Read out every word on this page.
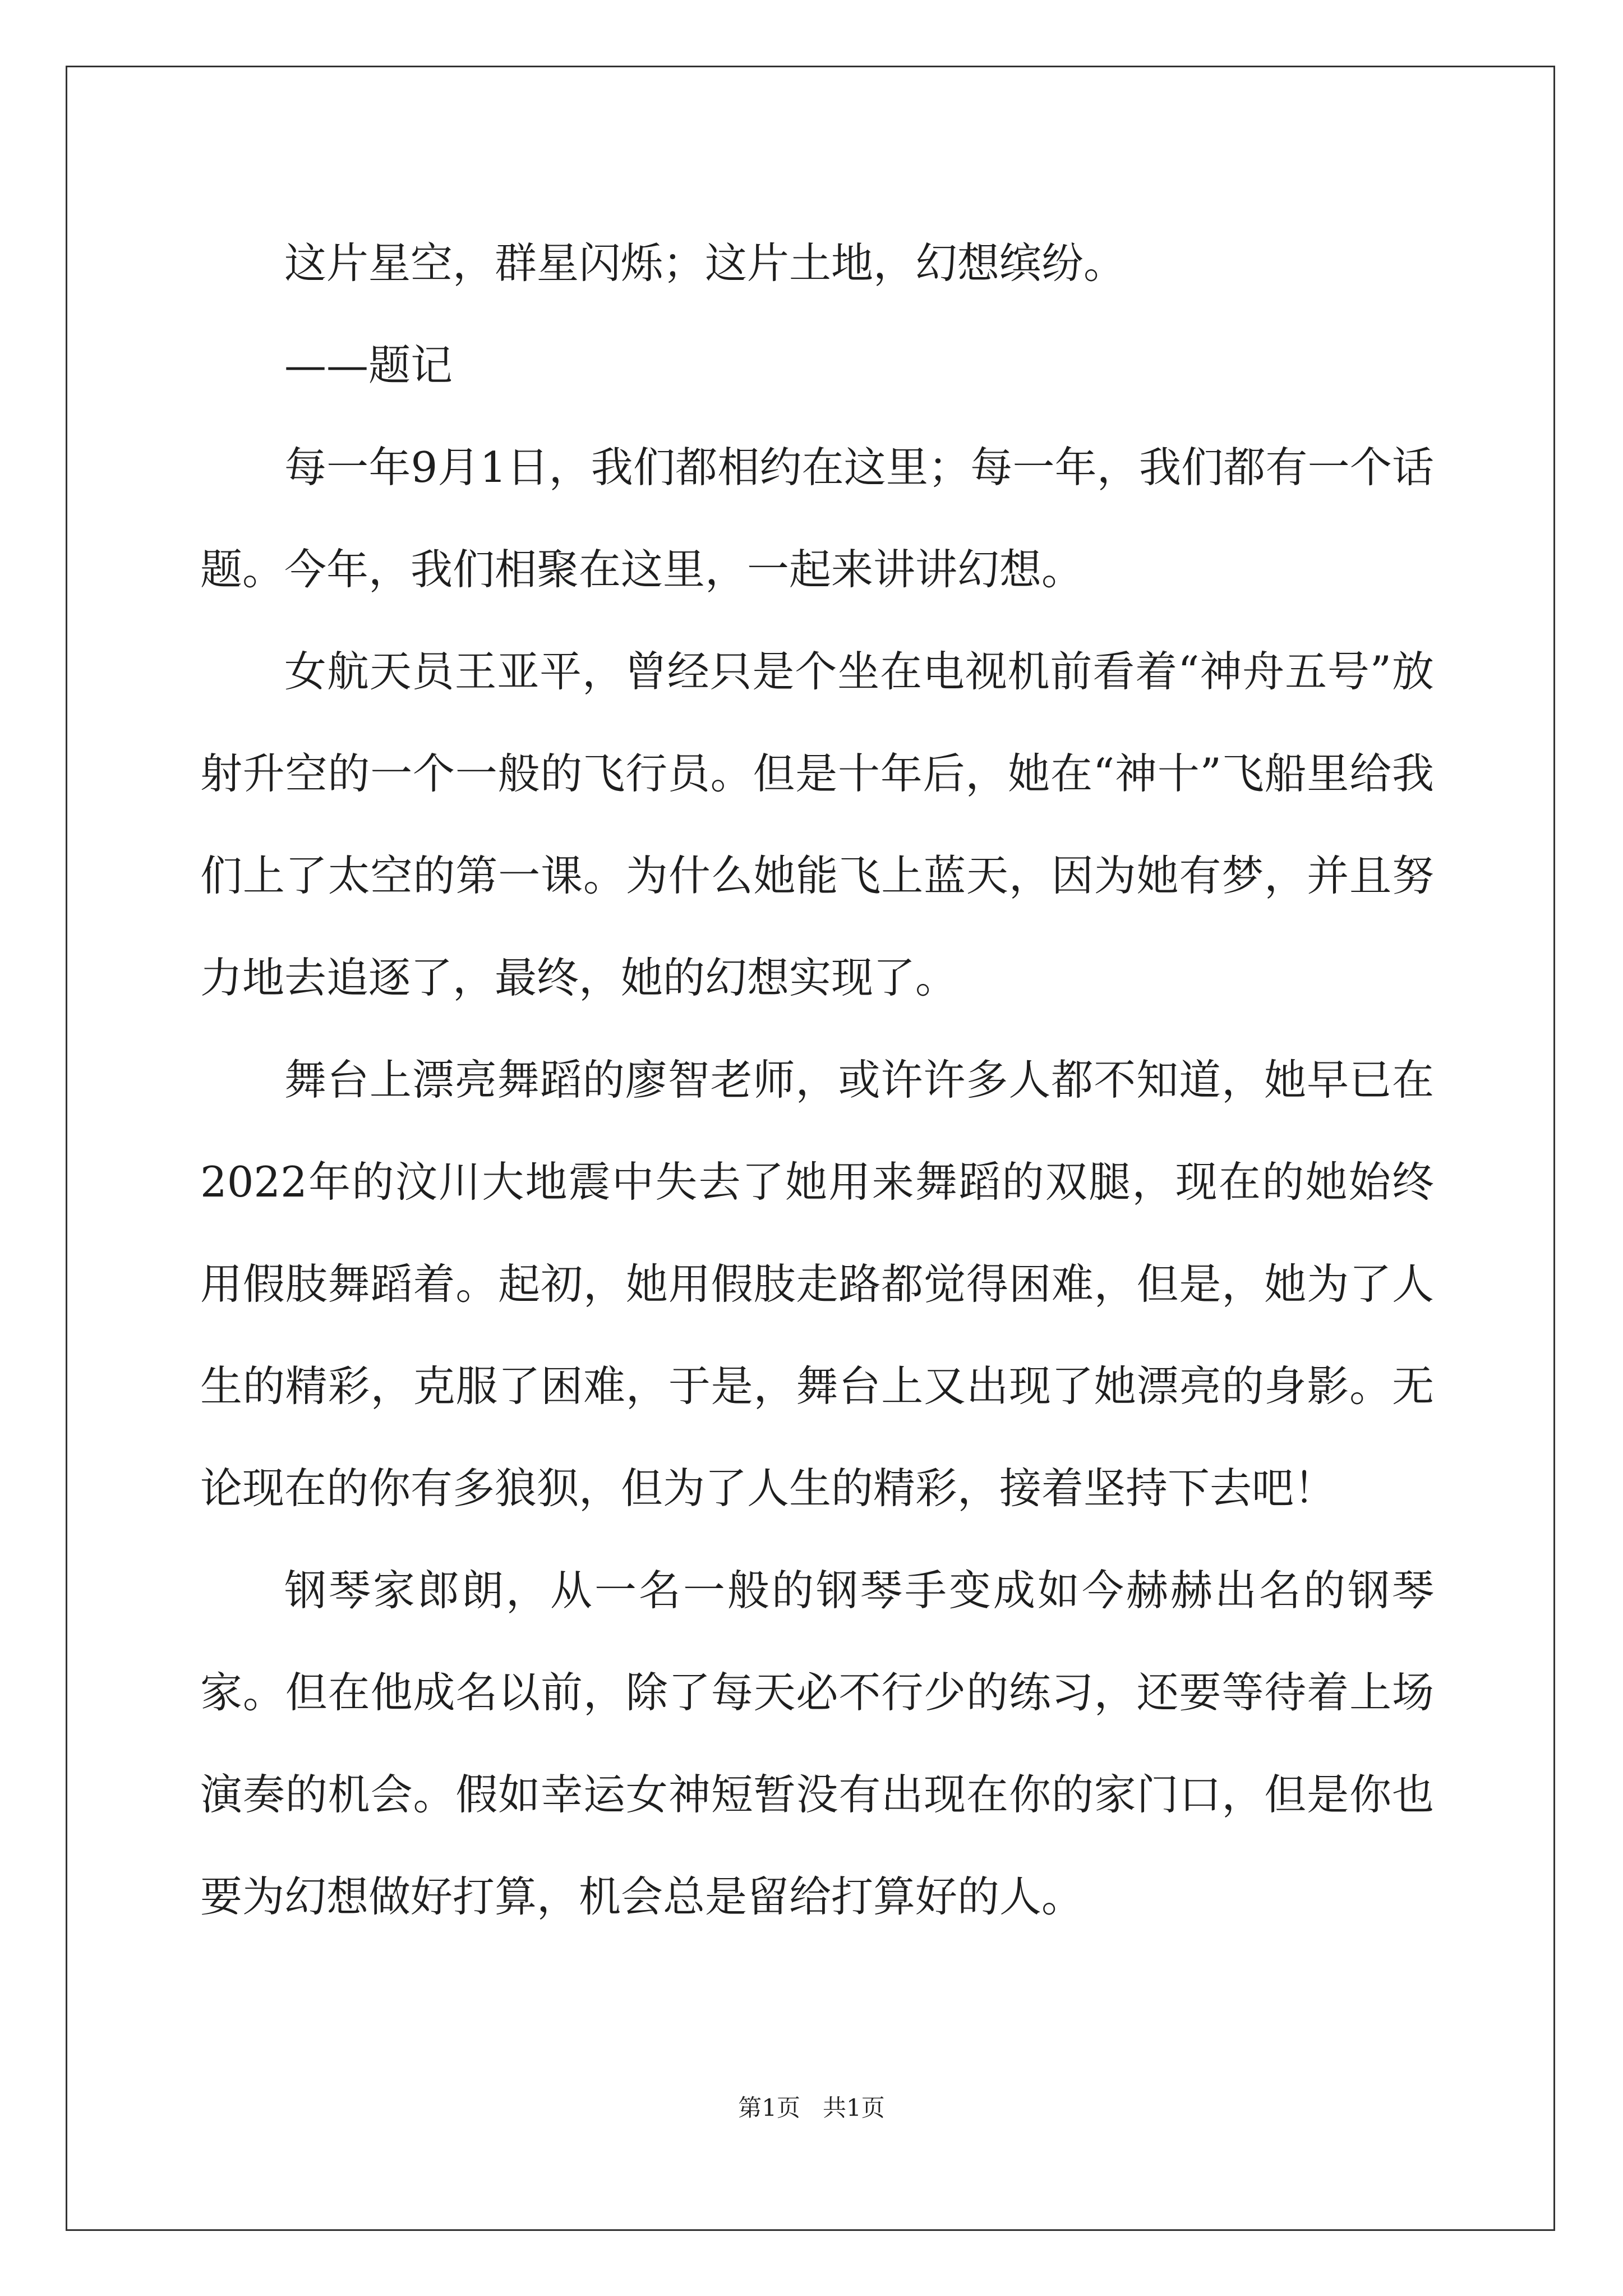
这片星空，群星闪烁；这片土地，幻想缤纷。

——题记

每一年9月1日，我们都相约在这里；每一年，我们都有一个话题。今年，我们相聚在这里，一起来讲讲幻想。

女航天员王亚平，曾经只是个坐在电视机前看着“神舟五号”放射升空的一个一般的飞行员。但是十年后，她在“神十”飞船里给我们上了太空的第一课。为什么她能飞上蓝天，因为她有梦，并且努力地去追逐了，最终，她的幻想实现了。

舞台上漂亮舞蹈的廖智老师，或许许多人都不知道，她早已在2022年的汶川大地震中失去了她用来舞蹈的双腿，现在的她始终用假肢舞蹈着。起初，她用假肢走路都觉得困难，但是，她为了人生的精彩，克服了困难，于是，舞台上又出现了她漂亮的身影。无论现在的你有多狼狈，但为了人生的精彩，接着坚持下去吧！

钢琴家郎朗，从一名一般的钢琴手变成如今赫赫出名的钢琴家。但在他成名以前，除了每天必不行少的练习，还要等待着上场演奏的机会。假如幸运女神短暂没有出现在你的家门口，但是你也要为幻想做好打算，机会总是留给打算好的人。

第1页   共1页
